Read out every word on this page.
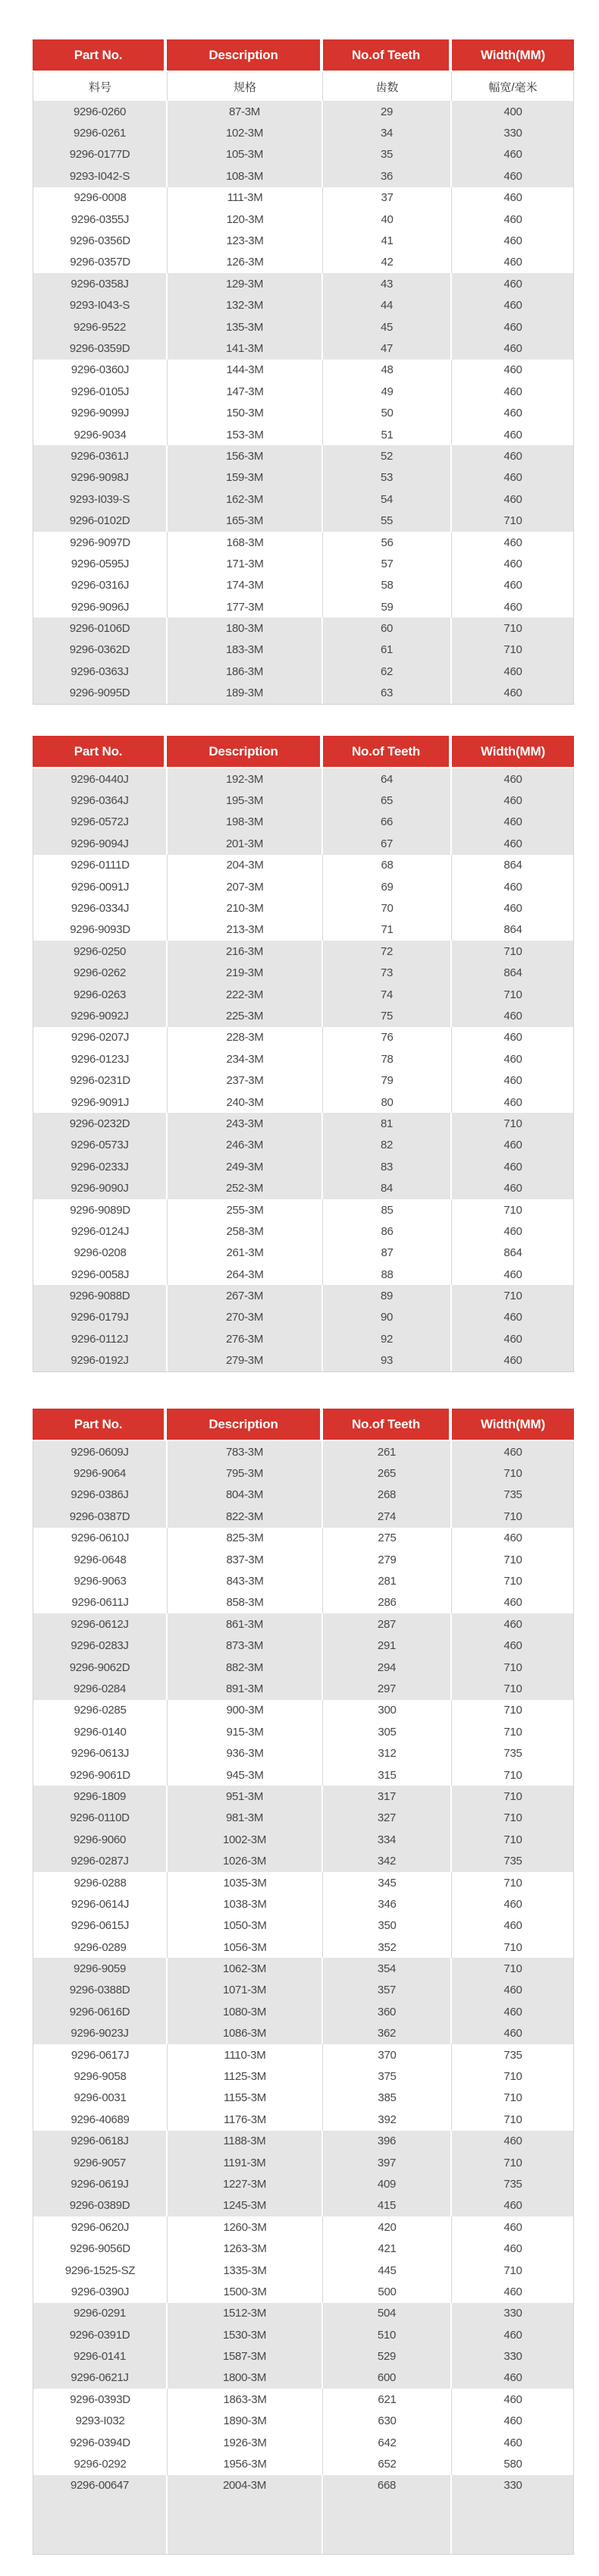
Part No.	Description	No.of Teeth	Width(MM)
料号	规格	齿数	幅宽/毫米
9296-0260	87-3M	29	400
9296-0261	102-3M	34	330
9296-0177D	105-3M	35	460
9293-I042-S	108-3M	36	460
9296-0008	111-3M	37	460
9296-0355J	120-3M	40	460
9296-0356D	123-3M	41	460
9296-0357D	126-3M	42	460
9296-0358J	129-3M	43	460
9293-I043-S	132-3M	44	460
9296-9522	135-3M	45	460
9296-0359D	141-3M	47	460
9296-0360J	144-3M	48	460
9296-0105J	147-3M	49	460
9296-9099J	150-3M	50	460
9296-9034	153-3M	51	460
9296-0361J	156-3M	52	460
9296-9098J	159-3M	53	460
9293-I039-S	162-3M	54	460
9296-0102D	165-3M	55	710
9296-9097D	168-3M	56	460
9296-0595J	171-3M	57	460
9296-0316J	174-3M	58	460
9296-9096J	177-3M	59	460
9296-0106D	180-3M	60	710
9296-0362D	183-3M	61	710
9296-0363J	186-3M	62	460
9296-9095D	189-3M	63	460
Part No.	Description	No.of Teeth	Width(MM)
9296-0440J	192-3M	64	460
9296-0364J	195-3M	65	460
9296-0572J	198-3M	66	460
9296-9094J	201-3M	67	460
9296-0111D	204-3M	68	864
9296-0091J	207-3M	69	460
9296-0334J	210-3M	70	460
9296-9093D	213-3M	71	864
9296-0250	216-3M	72	710
9296-0262	219-3M	73	864
9296-0263	222-3M	74	710
9296-9092J	225-3M	75	460
9296-0207J	228-3M	76	460
9296-0123J	234-3M	78	460
9296-0231D	237-3M	79	460
9296-9091J	240-3M	80	460
9296-0232D	243-3M	81	710
9296-0573J	246-3M	82	460
9296-0233J	249-3M	83	460
9296-9090J	252-3M	84	460
9296-9089D	255-3M	85	710
9296-0124J	258-3M	86	460
9296-0208	261-3M	87	864
9296-0058J	264-3M	88	460
9296-9088D	267-3M	89	710
9296-0179J	270-3M	90	460
9296-0112J	276-3M	92	460
9296-0192J	279-3M	93	460
Part No.	Description	No.of Teeth	Width(MM)
9296-0609J	783-3M	261	460
9296-9064	795-3M	265	710
9296-0386J	804-3M	268	735
9296-0387D	822-3M	274	710
9296-0610J	825-3M	275	460
9296-0648	837-3M	279	710
9296-9063	843-3M	281	710
9296-0611J	858-3M	286	460
9296-0612J	861-3M	287	460
9296-0283J	873-3M	291	460
9296-9062D	882-3M	294	710
9296-0284	891-3M	297	710
9296-0285	900-3M	300	710
9296-0140	915-3M	305	710
9296-0613J	936-3M	312	735
9296-9061D	945-3M	315	710
9296-1809	951-3M	317	710
9296-0110D	981-3M	327	710
9296-9060	1002-3M	334	710
9296-0287J	1026-3M	342	735
9296-0288	1035-3M	345	710
9296-0614J	1038-3M	346	460
9296-0615J	1050-3M	350	460
9296-0289	1056-3M	352	710
9296-9059	1062-3M	354	710
9296-0388D	1071-3M	357	460
9296-0616D	1080-3M	360	460
9296-9023J	1086-3M	362	460
9296-0617J	1110-3M	370	735
9296-9058	1125-3M	375	710
9296-0031	1155-3M	385	710
9296-40689	1176-3M	392	710
9296-0618J	1188-3M	396	460
9296-9057	1191-3M	397	710
9296-0619J	1227-3M	409	735
9296-0389D	1245-3M	415	460
9296-0620J	1260-3M	420	460
9296-9056D	1263-3M	421	460
9296-1525-SZ	1335-3M	445	710
9296-0390J	1500-3M	500	460
9296-0291	1512-3M	504	330
9296-0391D	1530-3M	510	460
9296-0141	1587-3M	529	330
9296-0621J	1800-3M	600	460
9296-0393D	1863-3M	621	460
9293-I032	1890-3M	630	460
9296-0394D	1926-3M	642	460
9296-0292	1956-3M	652	580
9296-00647	2004-3M	668	330
